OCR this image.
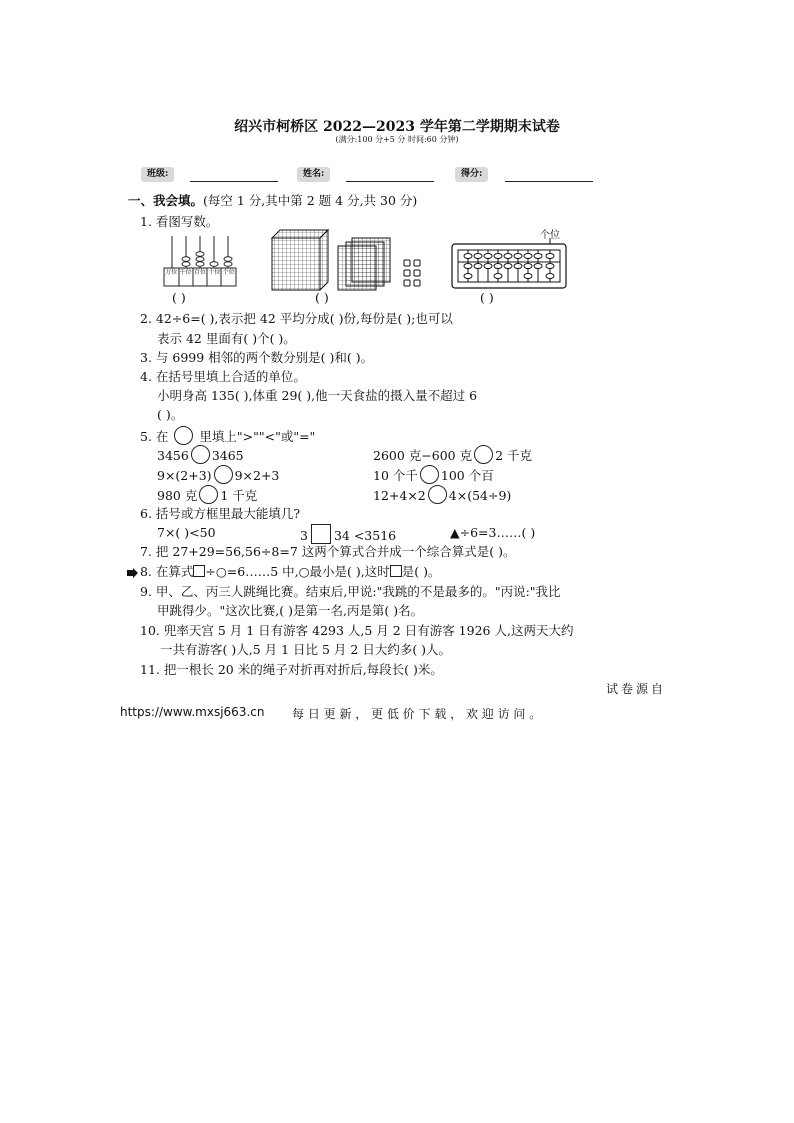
绍兴市柯桥区 2022—2023 学年第二学期期末试卷
(满分:100 分+5 分 时间:60 分钟)
班级:	姓名:	得分:
一、我会填。(每空 1 分,其中第 2 题 4 分,共 30 分)
1. 看图写数。
万位 千位 百位 十位 个位
个位
( )	( )	( )
2. 42÷6=( ),表示把 42 平均分成( )份,每份是( );也可以
表示 42 里面有( )个( )。
3. 与 6999 相邻的两个数分别是( )和( )。
4. 在括号里填上合适的单位。
小明身高 135( ),体重 29( ),他一天食盐的摄入量不超过 6
( )。
5. 在 里填上">""<"或"="
3456 3465	2600 克−600 克 2 千克
9×(2+3) 9×2+3	10 个千 100 个百
980 克 1 千克	12+4×2 4×(54÷9)
6. 括号或方框里最大能填几?
7×( )<50	3 34 <3516	▲÷6=3……( )
7. 把 27+29=56,56÷8=7 这两个算式合并成一个综合算式是( )。
8. 在算式 ÷○=6……5 中,○最小是( ),这时 是( )。
9. 甲、乙、丙三人跳绳比赛。结束后,甲说:"我跳的不是最多的。"丙说:"我比
甲跳得少。"这次比赛,( )是第一名,丙是第( )名。
10. 兜率天宫 5 月 1 日有游客 4293 人,5 月 2 日有游客 1926 人,这两天大约
一共有游客( )人,5 月 1 日比 5 月 2 日大约多( )人。
11. 把一根长 20 米的绳子对折再对折后,每段长( )米。
试卷源自
https://www.mxsj663.cn 每 日 更 新 ， 更 低 价 下 载 ， 欢 迎 访 问 。
